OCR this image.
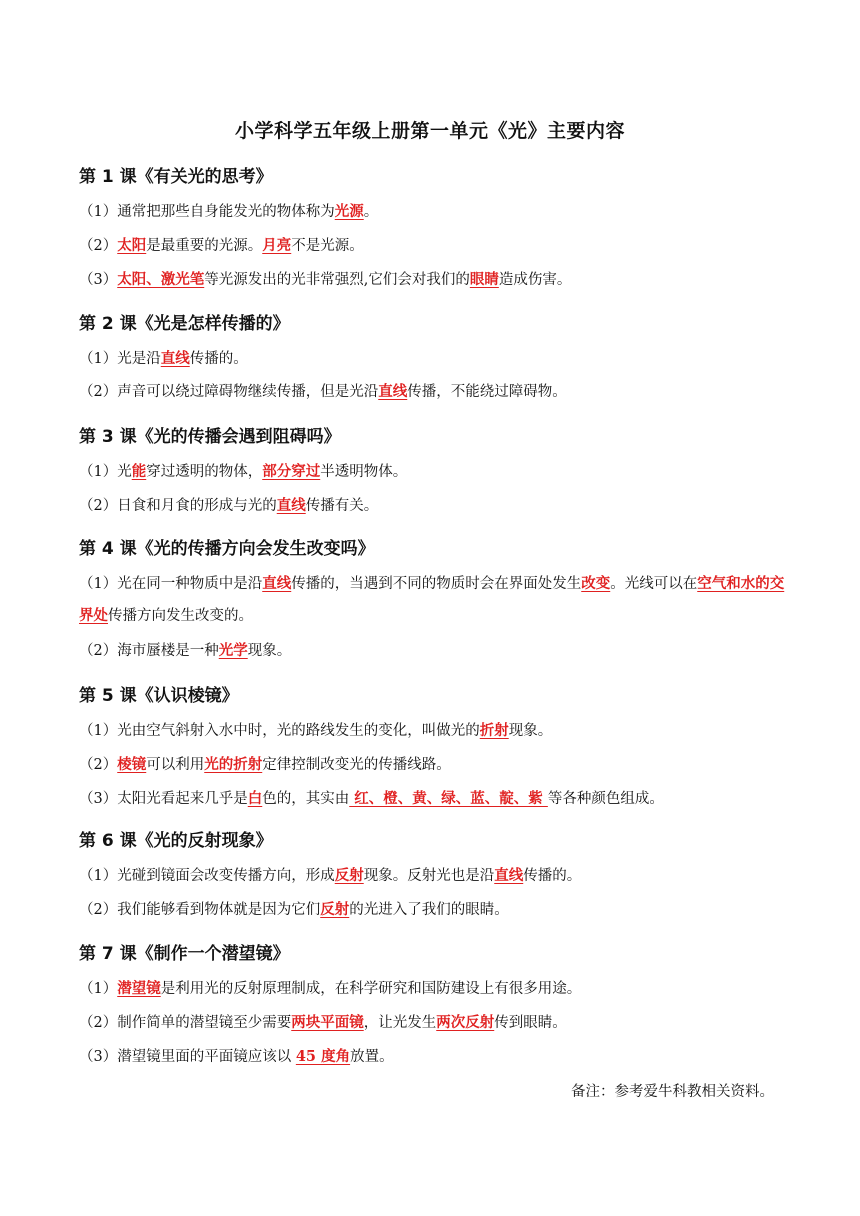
小学科学五年级上册第一单元《光》主要内容
第 1 课《有关光的思考》
（1）通常把那些自身能发光的物体称为光源。
（2）太阳是最重要的光源。月亮不是光源。
（3）太阳、激光笔等光源发出的光非常强烈,它们会对我们的眼睛造成伤害。
第 2 课《光是怎样传播的》
（1）光是沿直线传播的。
（2）声音可以绕过障碍物继续传播，但是光沿直线传播，不能绕过障碍物。
第 3 课《光的传播会遇到阻碍吗》
（1）光能穿过透明的物体，部分穿过半透明物体。
（2）日食和月食的形成与光的直线传播有关。
第 4 课《光的传播方向会发生改变吗》
（1）光在同一种物质中是沿直线传播的，当遇到不同的物质时会在界面处发生改变。光线可以在空气和水的交界处传播方向发生改变的。
（2）海市蜃楼是一种光学现象。
第 5 课《认识棱镜》
（1）光由空气斜射入水中时，光的路线发生的变化，叫做光的折射现象。
（2）棱镜可以利用光的折射定律控制改变光的传播线路。
（3）太阳光看起来几乎是白色的，其实由 红、橙、黄、绿、蓝、靛、紫 等各种颜色组成。
第 6 课《光的反射现象》
（1）光碰到镜面会改变传播方向，形成反射现象。反射光也是沿直线传播的。
（2）我们能够看到物体就是因为它们反射的光进入了我们的眼睛。
第 7 课《制作一个潜望镜》
（1）潜望镜是利用光的反射原理制成，在科学研究和国防建设上有很多用途。
（2）制作简单的潜望镜至少需要两块平面镜，让光发生两次反射传到眼睛。
（3）潜望镜里面的平面镜应该以 45 度角放置。
备注：参考爱牛科教相关资料。
